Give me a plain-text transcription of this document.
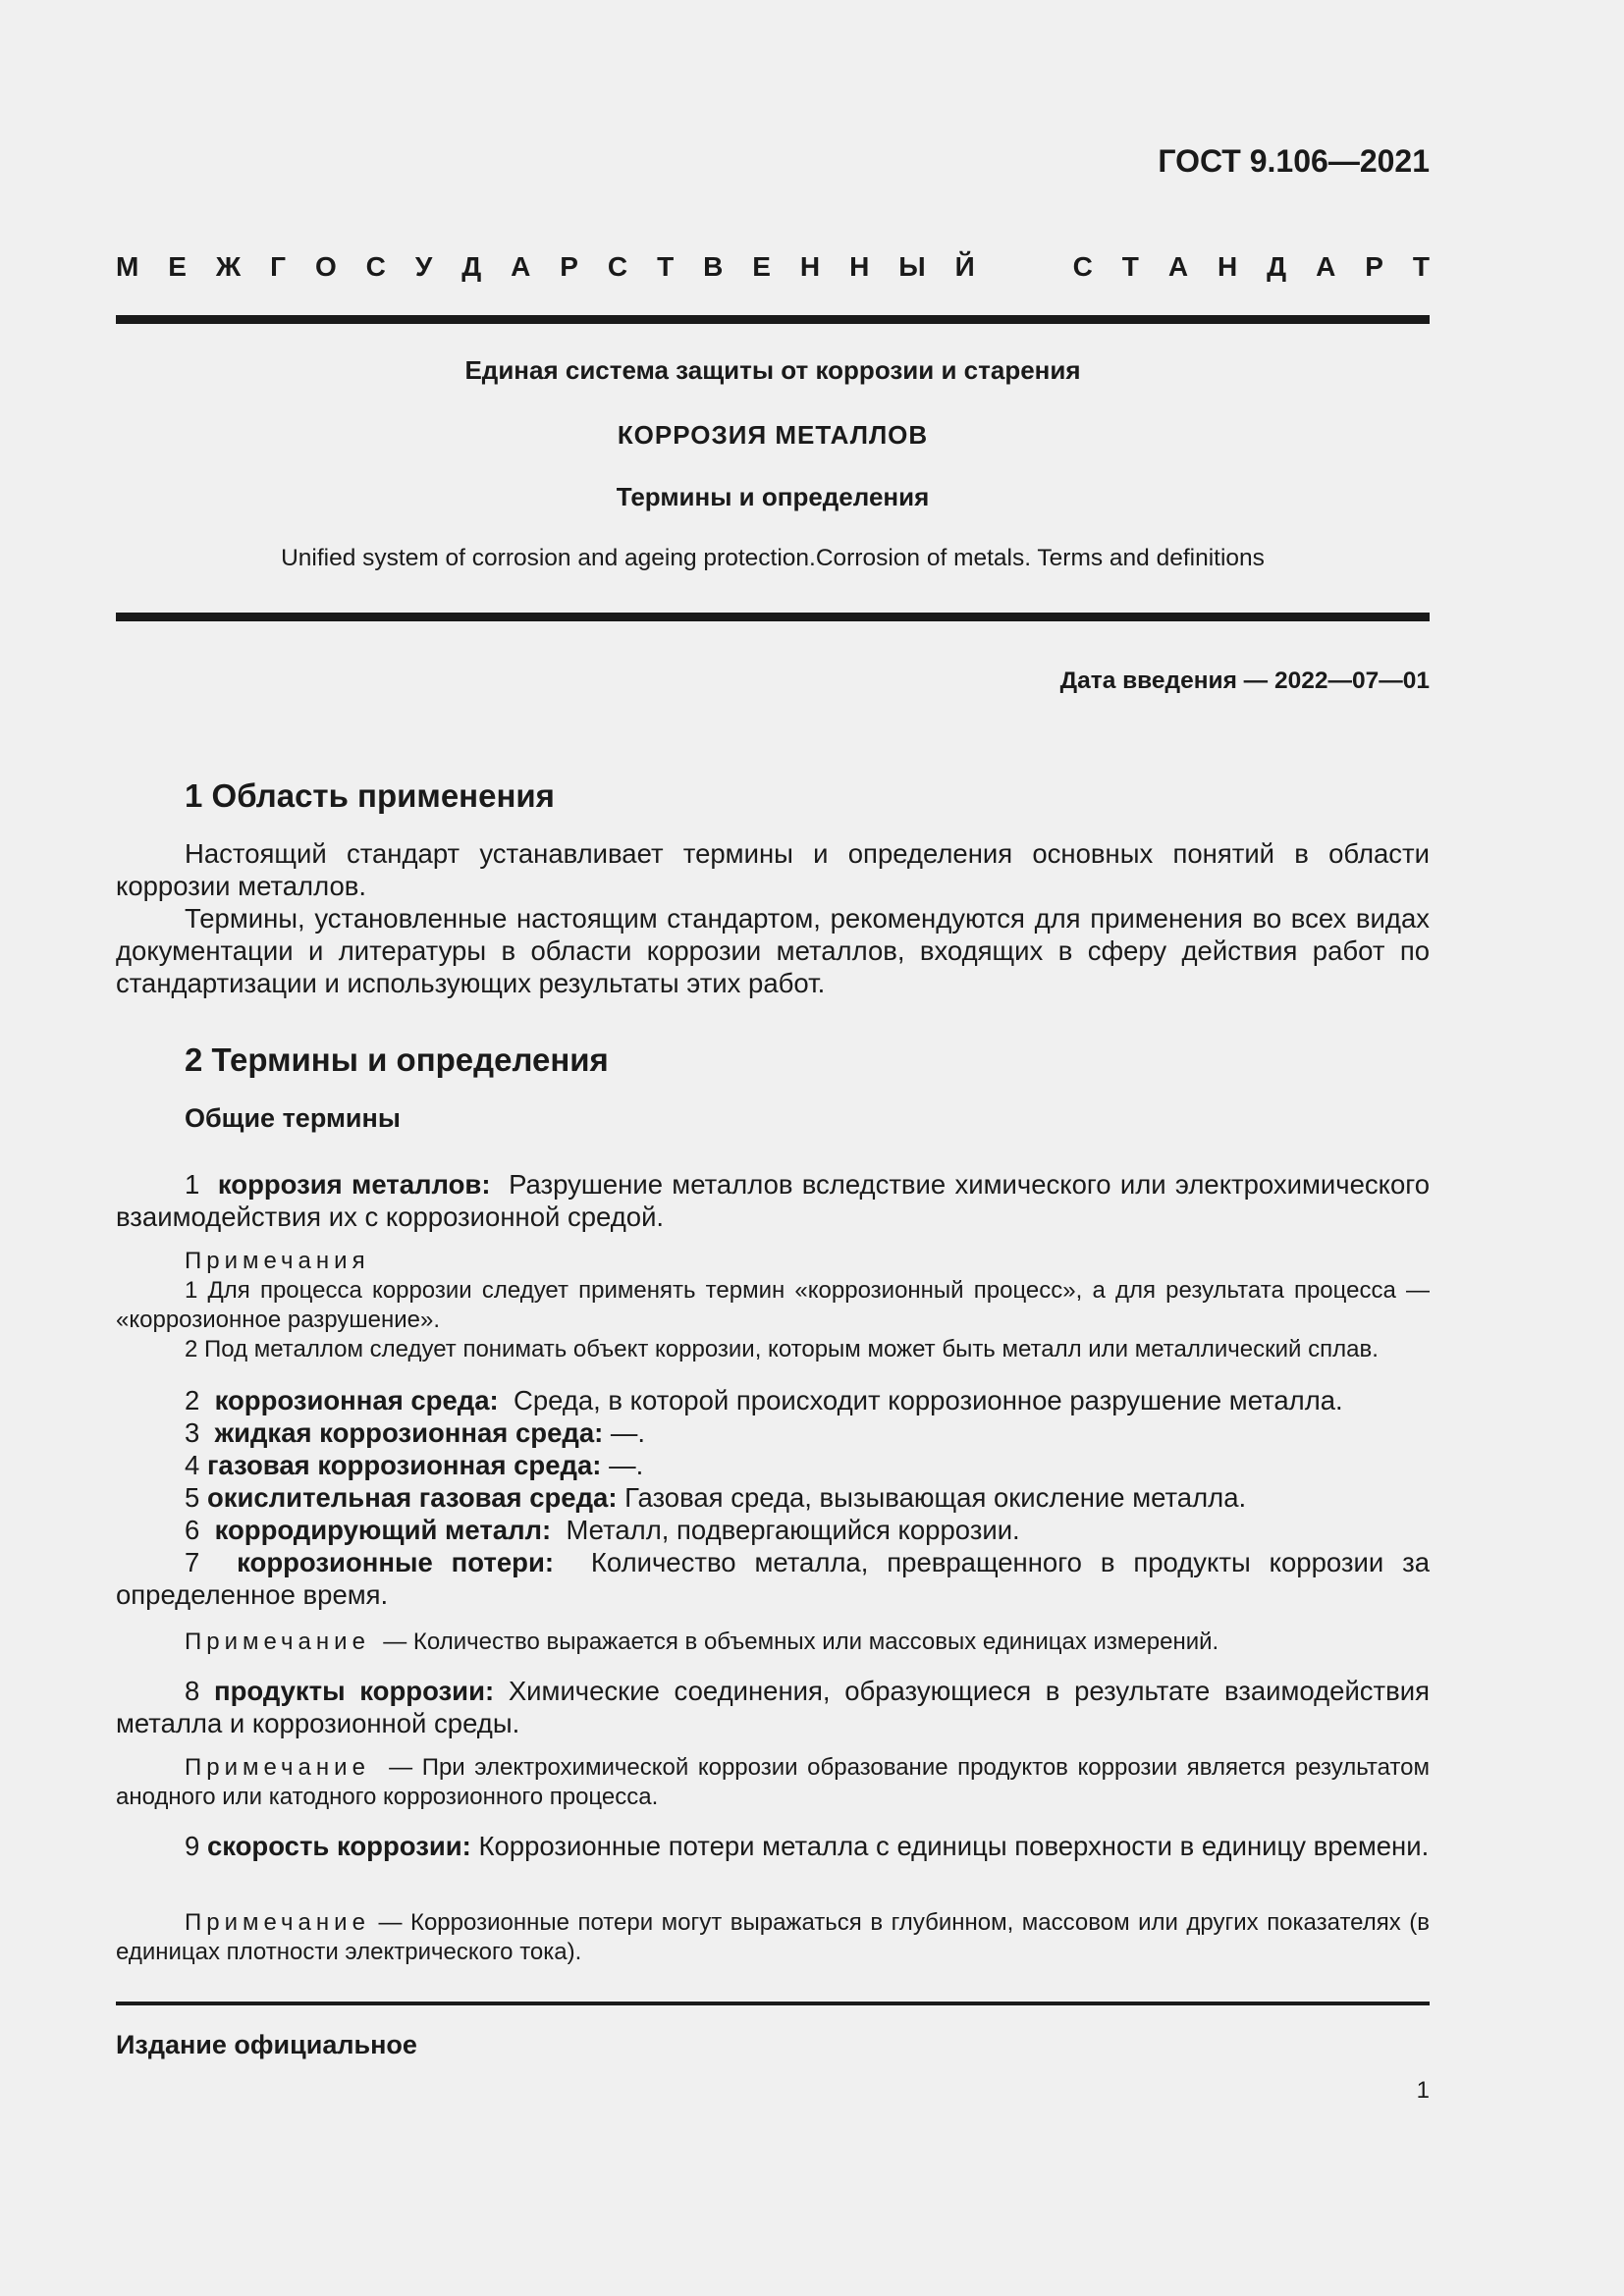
ГОСТ 9.106—2021
М Е Ж Г О С У Д А Р С Т В Е Н Н Ы Й	С Т А Н Д А Р Т
Единая система защиты от коррозии и старения
КОРРОЗИЯ МЕТАЛЛОВ
Термины и определения
Unified system of corrosion and ageing protection.Corrosion of metals. Terms and definitions
Дата введения — 2022—07—01
1 Область применения

Настоящий стандарт устанавливает термины и определения основных понятий в области коррозии металлов.

Термины, установленные настоящим стандартом, рекомендуются для применения во всех видах документации и литературы в области коррозии металлов, входящих в сферу действия работ по стандартизации и использующих результаты этих работ.

2 Термины и определения
Общие термины

1 коррозия металлов: Разрушение металлов вследствие химического или электрохимического взаимодействия их с коррозионной средой.

Примечания

1 Для процесса коррозии следует применять термин «коррозионный процесс», а для результата процесса — «коррозионное разрушение».

2 Под металлом следует понимать объект коррозии, которым может быть металл или металлический сплав.

2 коррозионная среда: Среда, в которой происходит коррозионное разрушение металла.

3 жидкая коррозионная среда: —.

4 газовая коррозионная среда: —.

5 окислительная газовая среда: Газовая среда, вызывающая окисление металла.

6 корродирующий металл: Металл, подвергающийся коррозии.

7 коррозионные потери: Количество металла, превращенного в продукты коррозии за определенное время.

Примечание — Количество выражается в объемных или массовых единицах измерений.

8 продукты коррозии: Химические соединения, образующиеся в результате взаимодействия металла и коррозионной среды.

Примечание — При электрохимической коррозии образование продуктов коррозии является результатом анодного или катодного коррозионного процесса.

9 скорость коррозии: Коррозионные потери металла с единицы поверхности в единицу времени.

Примечание — Коррозионные потери могут выражаться в глубинном, массовом или других показателях (в единицах плотности электрического тока).

Издание официальное
1
